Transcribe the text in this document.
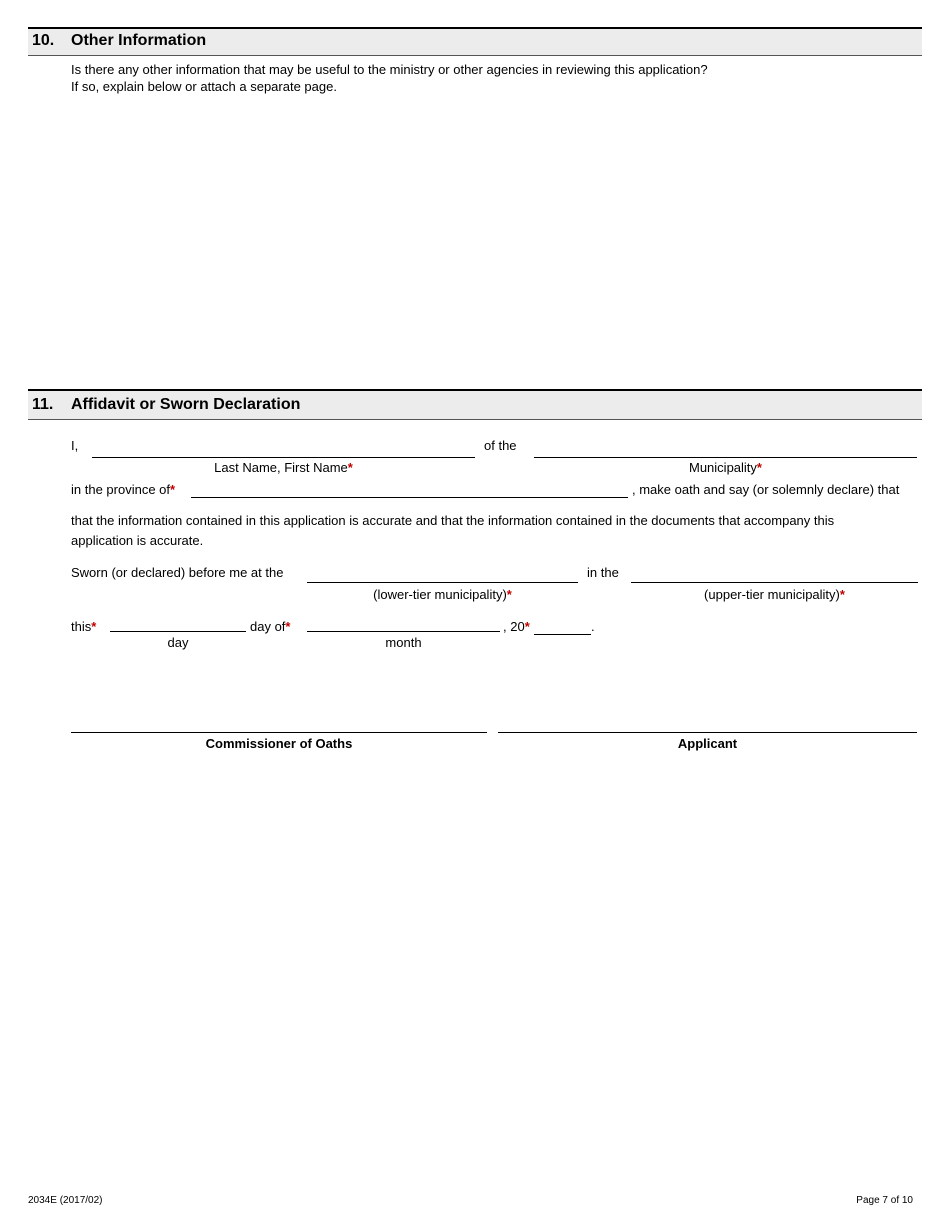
10. Other Information
Is there any other information that may be useful to the ministry or other agencies in reviewing this application?
If so, explain below or attach a separate page.
11. Affidavit or Sworn Declaration
I,	of the
Last Name, First Name*	Municipality*
in the province of*	, make oath and say (or solemnly declare) that
that the information contained in this application is accurate and that the information contained in the documents that accompany this
application is accurate.
Sworn (or declared) before me at the	in the
(lower-tier municipality)*	(upper-tier municipality)*
this*	day of*	, 20*	.
day	month
Commissioner of Oaths	Applicant
2034E (2017/02)	Page 7 of 10
